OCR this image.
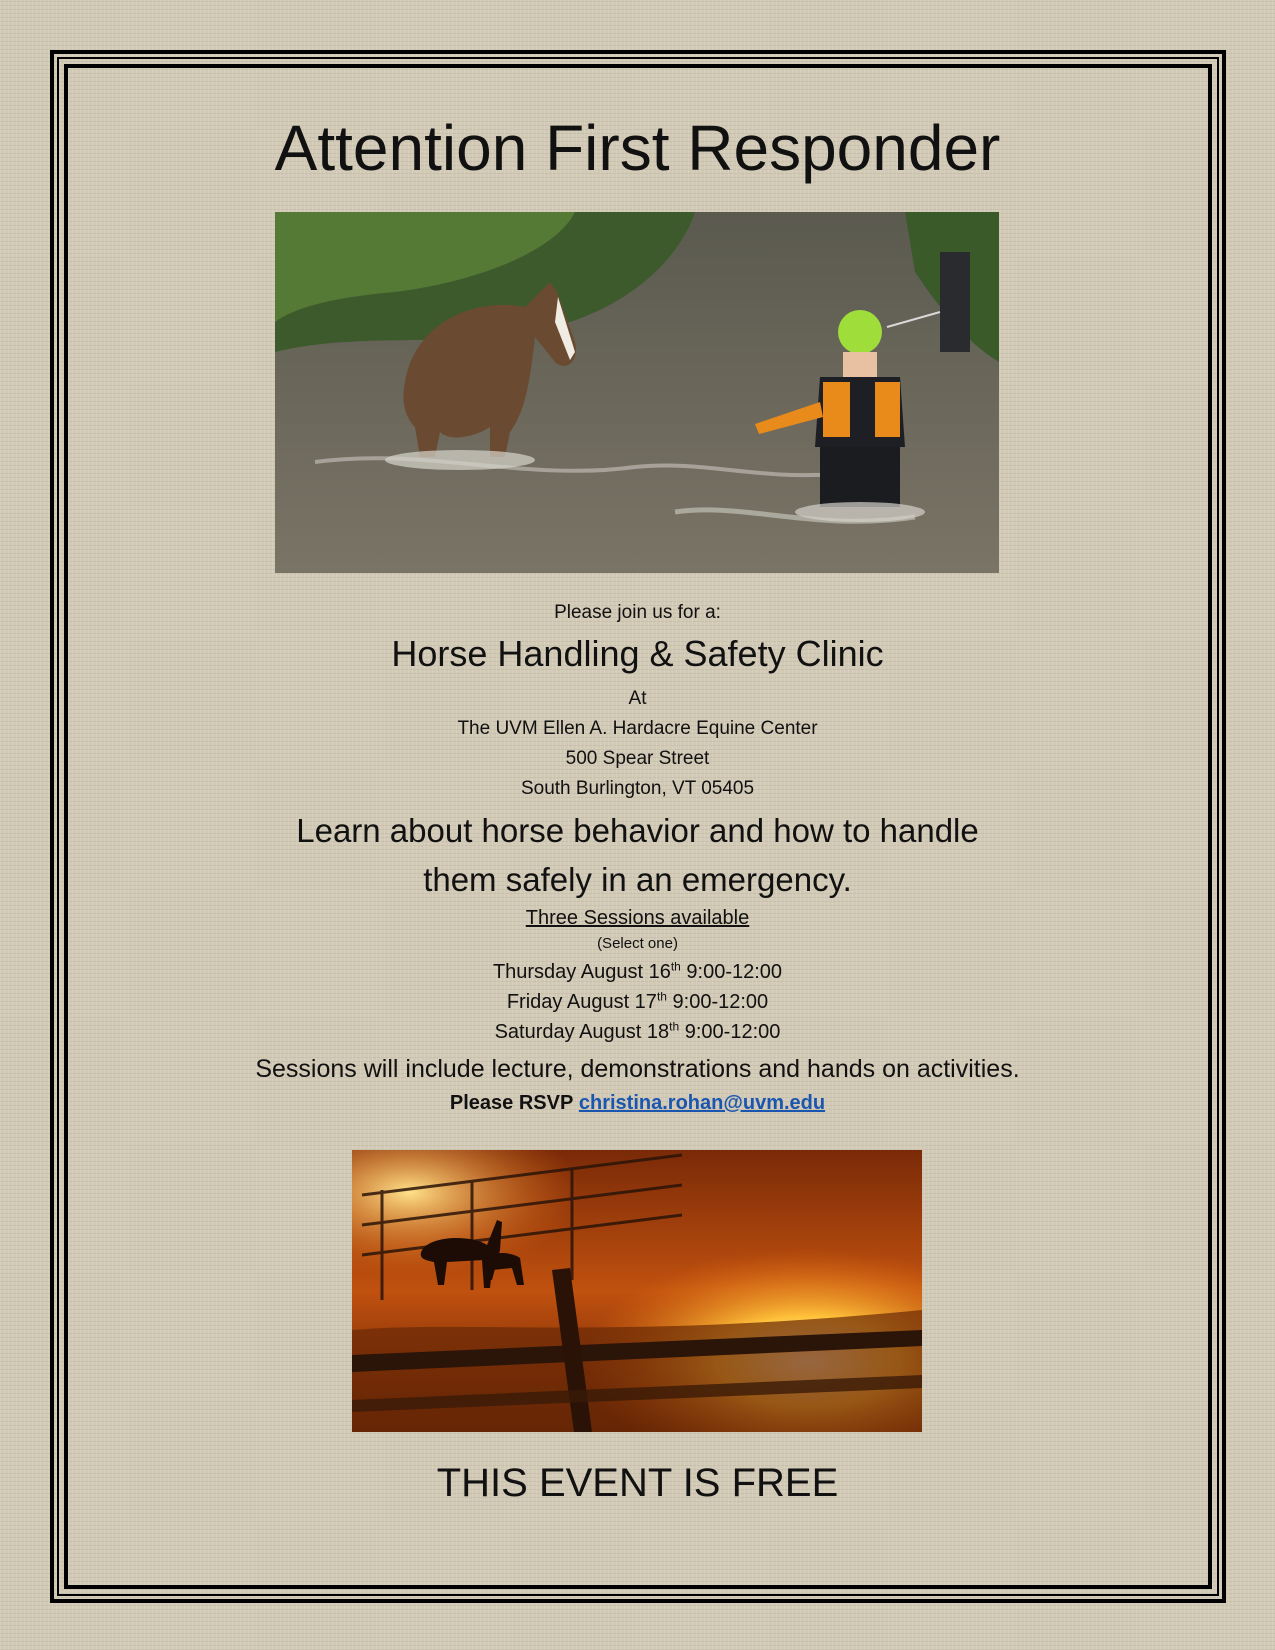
Attention First Responder
Please join us for a:
Horse Handling & Safety Clinic
At
The UVM Ellen A. Hardacre Equine Center
500 Spear Street
South Burlington, VT 05405
Learn about horse behavior and how to handle
them safely in an emergency.
Three Sessions available
(Select one)
Thursday August 16th 9:00-12:00
Friday August 17th 9:00-12:00
Saturday August 18th 9:00-12:00
Sessions will include lecture, demonstrations and hands on activities.
Please RSVP christina.rohan@uvm.edu
THIS EVENT IS FREE
